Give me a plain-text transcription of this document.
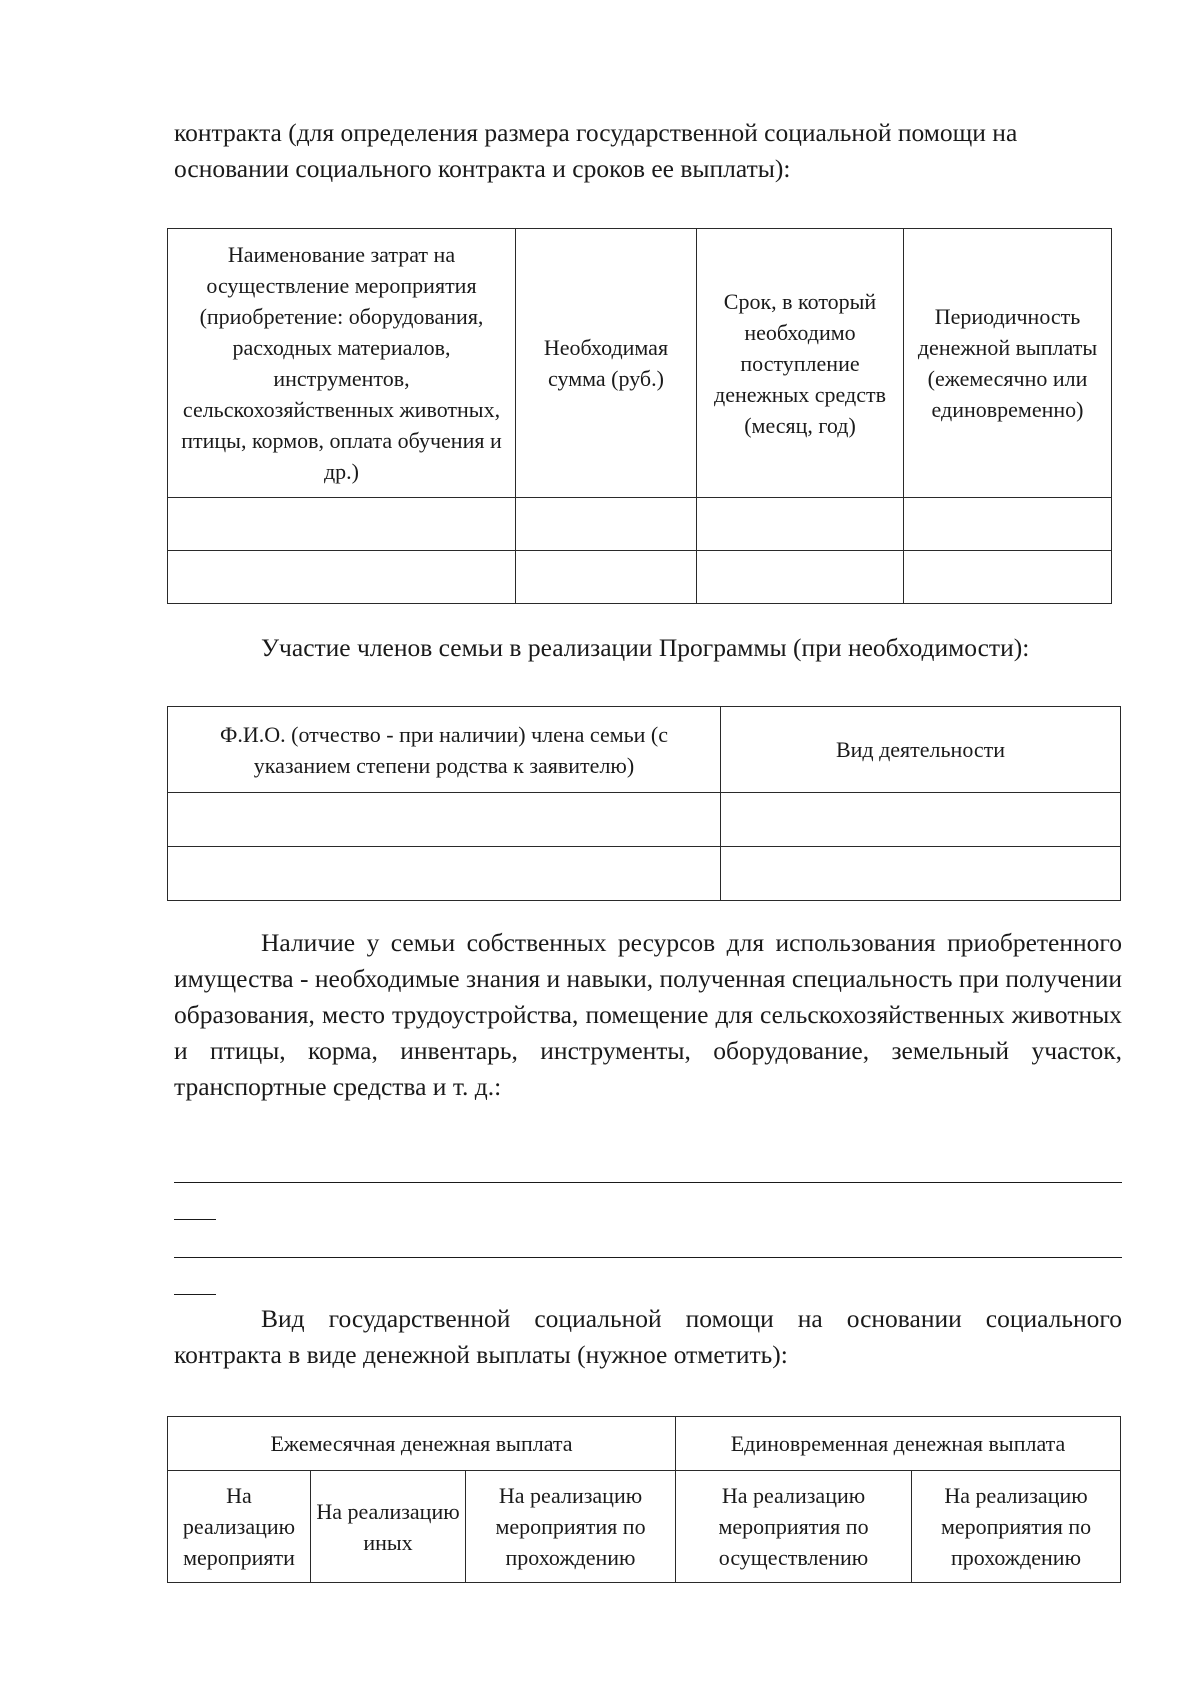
контракта (для определения размера государственной социальной помощи на основании социального контракта и сроков ее выплаты):

Наименование затрат на осуществление мероприятия (приобретение: оборудования, расходных материалов, инструментов, сельскохозяйственных животных, птицы, кормов, оплата обучения и др.)	Необходимая сумма (руб.)	Срок, в который необходимо поступление денежных средств (месяц, год)	Периодичность денежной выплаты (ежемесячно или единовременно)

Участие членов семьи в реализации Программы (при необходимости):

Ф.И.О. (отчество - при наличии) члена семьи (с указанием степени родства к заявителю)	Вид деятельности

Наличие у семьи собственных ресурсов для использования приобретенного имущества - необходимые знания и навыки, полученная специальность при получении образования, место трудоустройства, помещение для сельскохозяйственных животных и птицы, корма, инвентарь, инструменты, оборудование, земельный участок, транспортные средства и т. д.:

Вид государственной социальной помощи на основании социального контракта в виде денежной выплаты (нужное отметить):

Ежемесячная денежная выплата			Единовременная денежная выплата	
На реализацию мероприяти	На реализацию иных	На реализацию мероприятия по прохождению	На реализацию мероприятия по осуществлению	На реализацию мероприятия по прохождению
